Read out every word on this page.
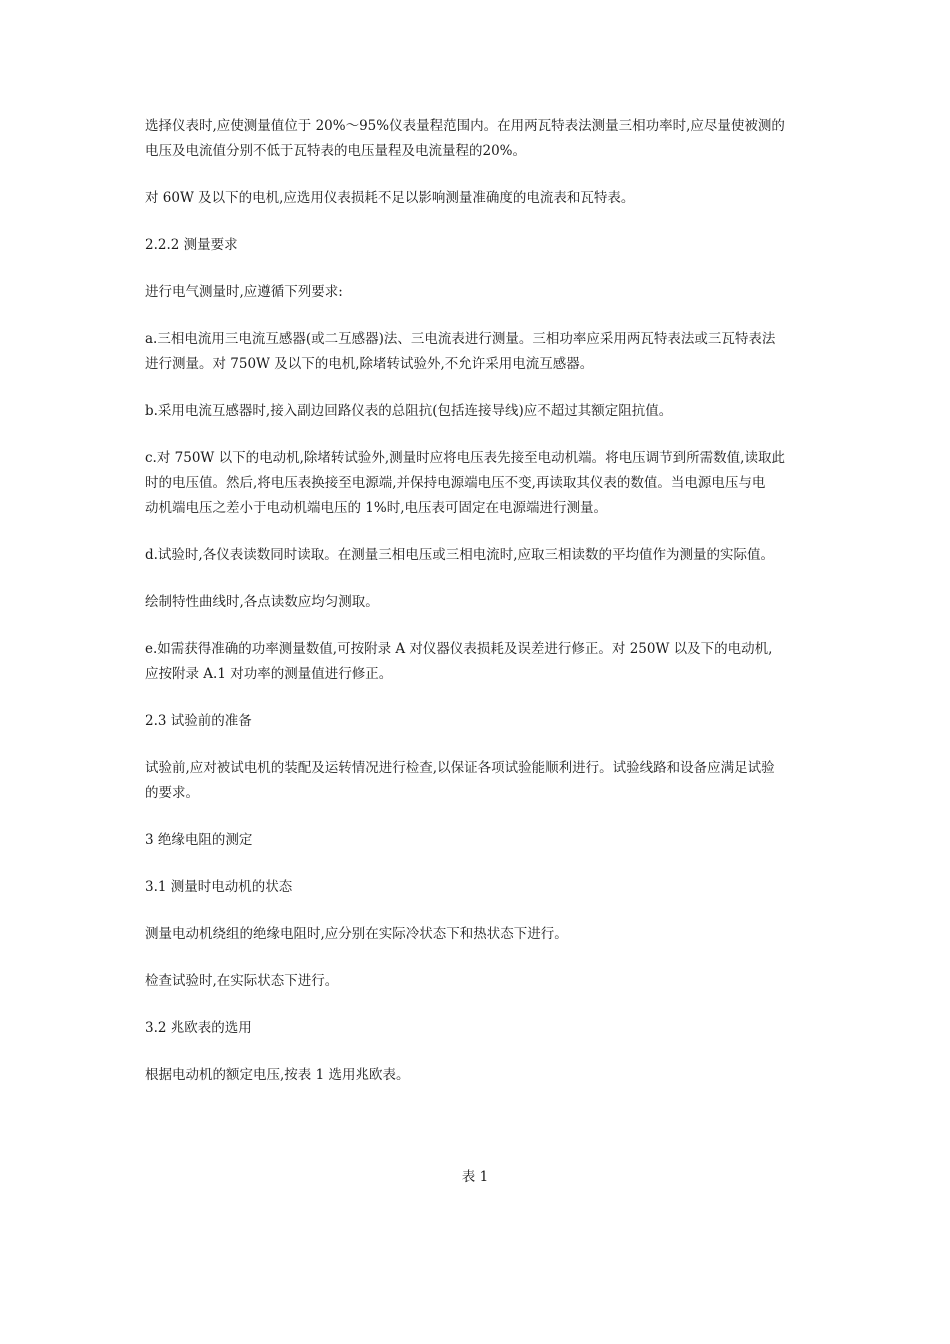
选择仪表时,应使测量值位于 20%～95%仪表量程范围内。在用两瓦特表法测量三相功率时,应尽量使被测的
电压及电流值分别不低于瓦特表的电压量程及电流量程的20%。

对 60W 及以下的电机,应选用仪表损耗不足以影响测量准确度的电流表和瓦特表。

2.2.2 测量要求

进行电气测量时,应遵循下列要求:

a.三相电流用三电流互感器(或二互感器)法、三电流表进行测量。三相功率应采用两瓦特表法或三瓦特表法
进行测量。对 750W 及以下的电机,除堵转试验外,不允许采用电流互感器。

b.采用电流互感器时,接入副边回路仪表的总阻抗(包括连接导线)应不超过其额定阻抗值。

c.对 750W 以下的电动机,除堵转试验外,测量时应将电压表先接至电动机端。将电压调节到所需数值,读取此
时的电压值。然后,将电压表换接至电源端,并保持电源端电压不变,再读取其仪表的数值。当电源电压与电
动机端电压之差小于电动机端电压的 1%时,电压表可固定在电源端进行测量。

d.试验时,各仪表读数同时读取。在测量三相电压或三相电流时,应取三相读数的平均值作为测量的实际值。

绘制特性曲线时,各点读数应均匀测取。

e.如需获得准确的功率测量数值,可按附录 A 对仪器仪表损耗及误差进行修正。对 250W 以及下的电动机,
应按附录 A.1 对功率的测量值进行修正。

2.3 试验前的准备

试验前,应对被试电机的装配及运转情况进行检查,以保证各项试验能顺利进行。试验线路和设备应满足试验
的要求。

3 绝缘电阻的测定

3.1 测量时电动机的状态

测量电动机绕组的绝缘电阻时,应分别在实际冷状态下和热状态下进行。

检查试验时,在实际状态下进行。

3.2 兆欧表的选用

根据电动机的额定电压,按表 1 选用兆欧表。

表 1
